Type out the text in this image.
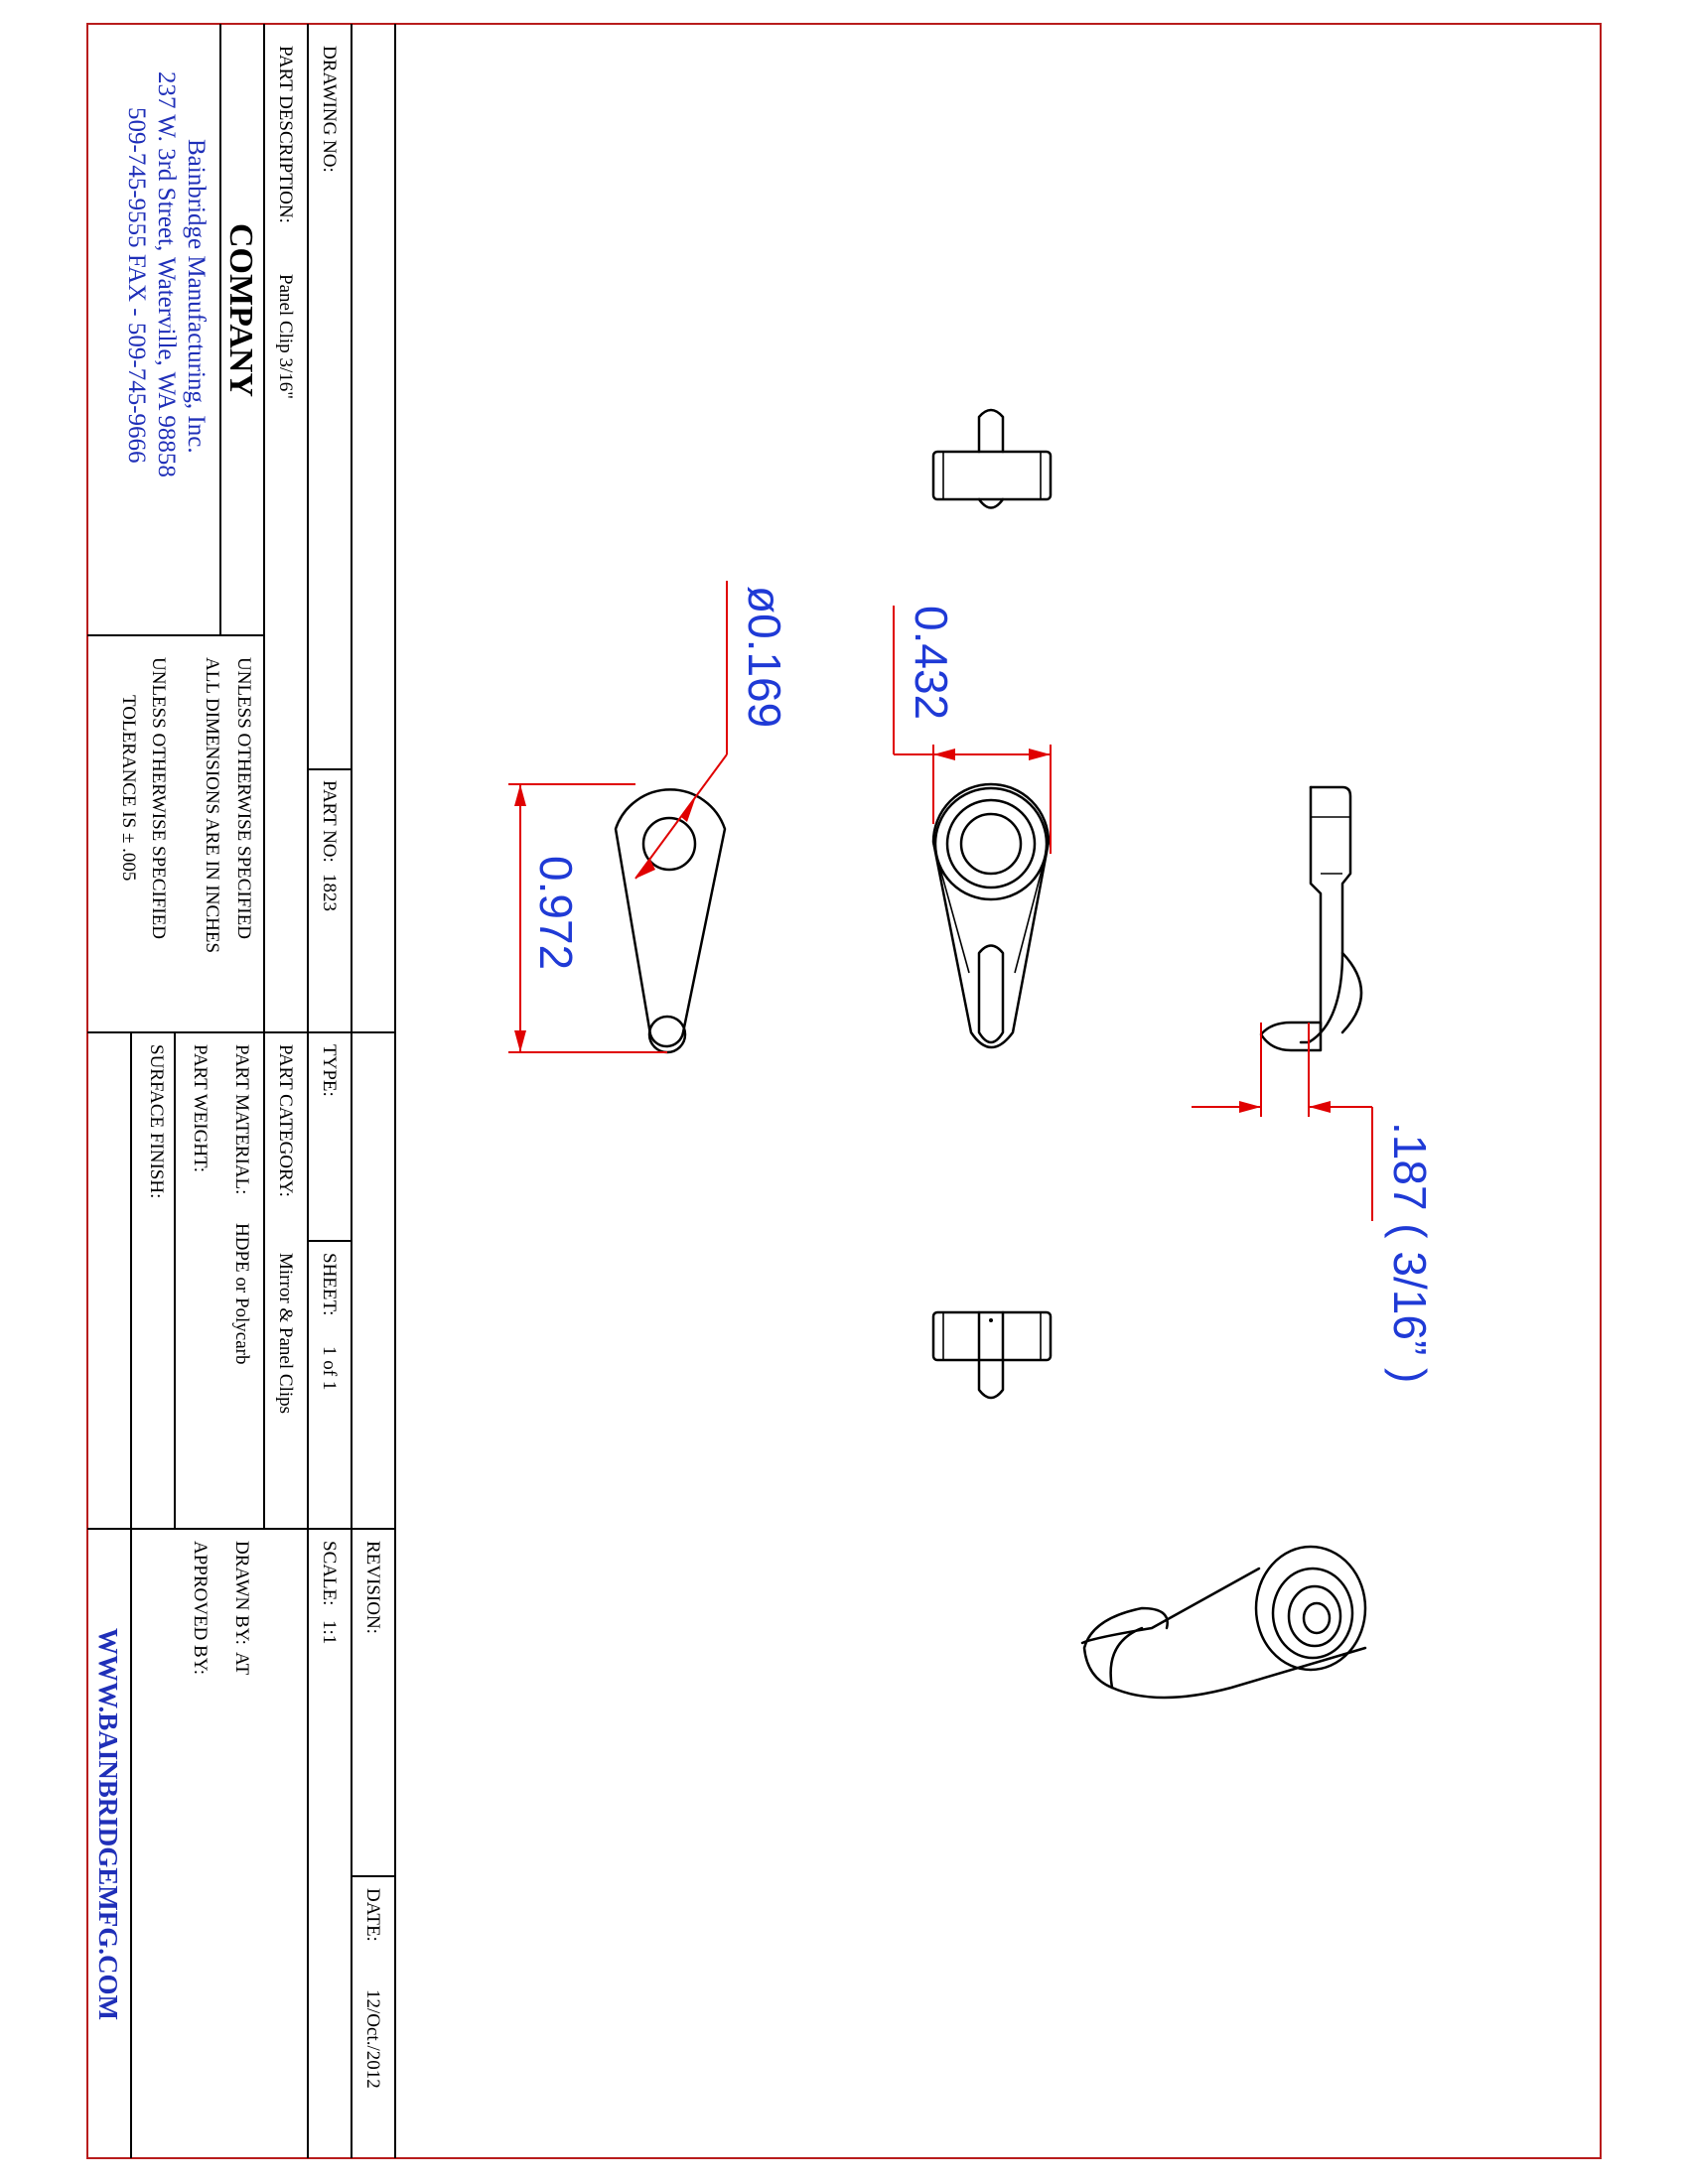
DRAWING NO:
PART DESCRIPTION:
Panel Clip 3/16"
COMPANY
Bainbridge Manufacturing, Inc.
237 W. 3rd Street, Waterville, WA 98858
509-745-9555 FAX - 509-745-9666
PART NO:
1823
UNLESS OTHERWISE SPECIFIED
ALL DIMENSIONS ARE IN INCHES
UNLESS OTHERWISE SPECIFIED
TOLERANCE IS ± .005
TYPE:
SHEET:
1 of 1
PART CATEGORY:
Mirror & Panel Clips
PART MATERIAL:
HDPE or Polycarb
PART WEIGHT:
SURFACE FINISH:
REVISION:
DATE:
12/Oct./2012
SCALE:
1:1
DRAWN BY:
AT
APPROVED BY:
WWW.BAINBRIDGEMFG.COM
0.972
ø0.169	0.432
.187 ( 3/16” )
